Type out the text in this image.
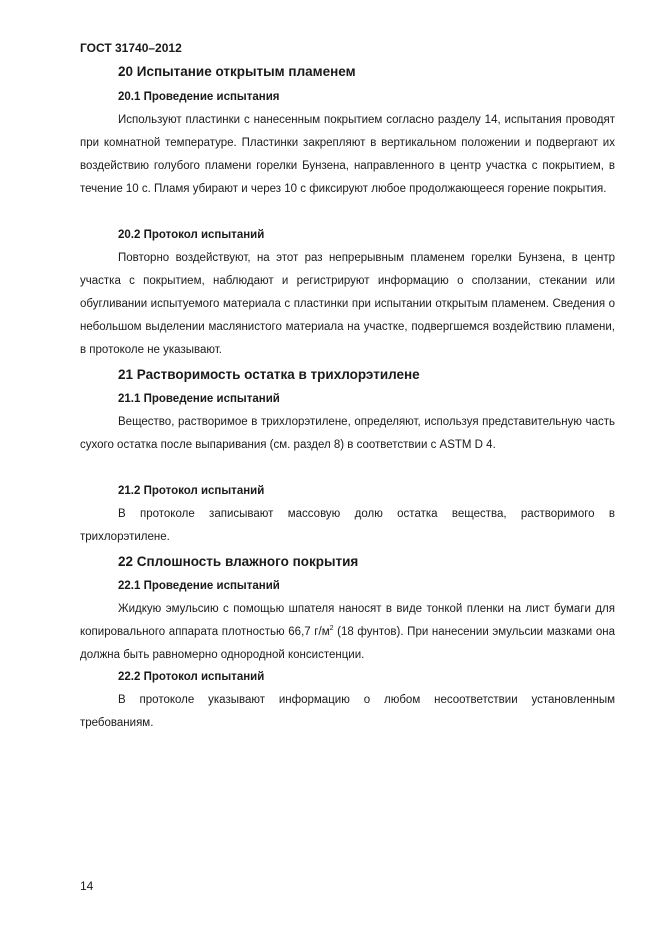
ГОСТ 31740–2012
20 Испытание открытым пламенем
20.1 Проведение испытания

Используют пластинки с нанесенным покрытием согласно разделу 14, испытания проводят при комнатной температуре. Пластинки закрепляют в вертикальном положении и подвергают их воздействию голубого пламени горелки Бунзена, направленного в центр участка с покрытием, в течение 10 с. Пламя убирают и через 10 с фиксируют любое продолжающееся горение покрытия.

20.2 Протокол испытаний

Повторно воздействуют, на этот раз непрерывным пламенем горелки Бунзена, в центр участка с покрытием, наблюдают и регистрируют информацию о сползании, стекании или обугливании испытуемого материала с пластинки при испытании открытым пламенем. Сведения о небольшом выделении маслянистого материала на участке, подвергшемся воздействию пламени, в протоколе не указывают.

21 Растворимость остатка в трихлорэтилене
21.1 Проведение испытаний

Вещество, растворимое в трихлорэтилене, определяют, используя представительную часть сухого остатка после выпаривания (см. раздел 8) в соответствии с ASTM D 4.

21.2 Протокол испытаний

В протоколе записывают массовую долю остатка вещества, растворимого в трихлорэтилене.

22 Сплошность влажного покрытия
22.1 Проведение испытаний

Жидкую эмульсию с помощью шпателя наносят в виде тонкой пленки на лист бумаги для копировального аппарата плотностью 66,7 $г/м^2$ (18 фунтов). При нанесении эмульсии мазками она должна быть равномерно однородной консистенции.

22.2 Протокол испытаний

В протоколе указывают информацию о любом несоответствии установленным требованиям.

14
